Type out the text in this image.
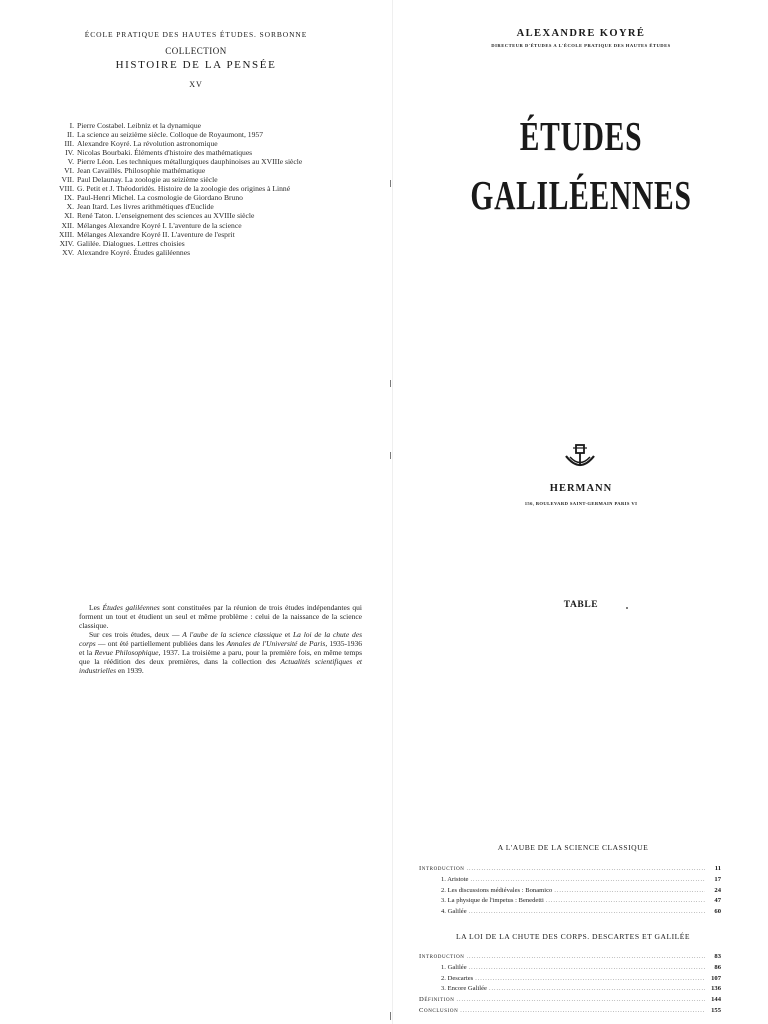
ÉCOLE PRATIQUE DES HAUTES ÉTUDES. SORBONNE
COLLECTION
HISTOIRE DE LA PENSÉE
XV
I. Pierre Costabel. Leibniz et la dynamique
II. La science au seizième siècle. Colloque de Royaumont, 1957
III. Alexandre Koyré. La révolution astronomique
IV. Nicolas Bourbaki. Éléments d'histoire des mathématiques
V. Pierre Léon. Les techniques métallurgiques dauphinoises au XVIIIe siècle
VI. Jean Cavaillès. Philosophie mathématique
VII. Paul Delaunay. La zoologie au seizième siècle
VIII. G. Petit et J. Théodoridès. Histoire de la zoologie des origines à Linné
IX. Paul-Henri Michel. La cosmologie de Giordano Bruno
X. Jean Itard. Les livres arithmétiques d'Euclide
XI. René Taton. L'enseignement des sciences au XVIIIe siècle
XII. Mélanges Alexandre Koyré I. L'aventure de la science
XIII. Mélanges Alexandre Koyré II. L'aventure de l'esprit
XIV. Galilée. Dialogues. Lettres choisies
XV. Alexandre Koyré. Études galiléennes

Les Études galiléennes sont constituées par la réunion de trois études indépendantes qui forment un tout et étudient un seul et même problème : celui de la naissance de la science classique.

Sur ces trois études, deux — A l'aube de la science classique et La loi de la chute des corps — ont été partiellement publiées dans les Annales de l'Université de Paris, 1935-1936 et la Revue Philosophique, 1937. La troisième a paru, pour la première fois, en même temps que la réédition des deux premières, dans la collection des Actualités scientifiques et industrielles en 1939.

ALEXANDRE KOYRÉ
DIRECTEUR D'ÉTUDES A L'ÉCOLE PRATIQUE DES HAUTES ÉTUDES
ÉTUDES
GALILÉENNES
HERMANN
156, BOULEVARD SAINT-GERMAIN PARIS VI
TABLE
A L'AUBE DE LA SCIENCE CLASSIQUE
Introduction .....	11
1. Aristote .....	17
2. Les discussions médiévales : Bonamico .....	24
3. La physique de l'impetus : Benedetti .....	47
4. Galilée .....	60
LA LOI DE LA CHUTE DES CORPS. DESCARTES ET GALILÉE
Introduction .....	83
1. Galilée .....	86
2. Descartes .....	107
3. Encore Galilée .....	136
Définition .....	144
Conclusion .....	155
